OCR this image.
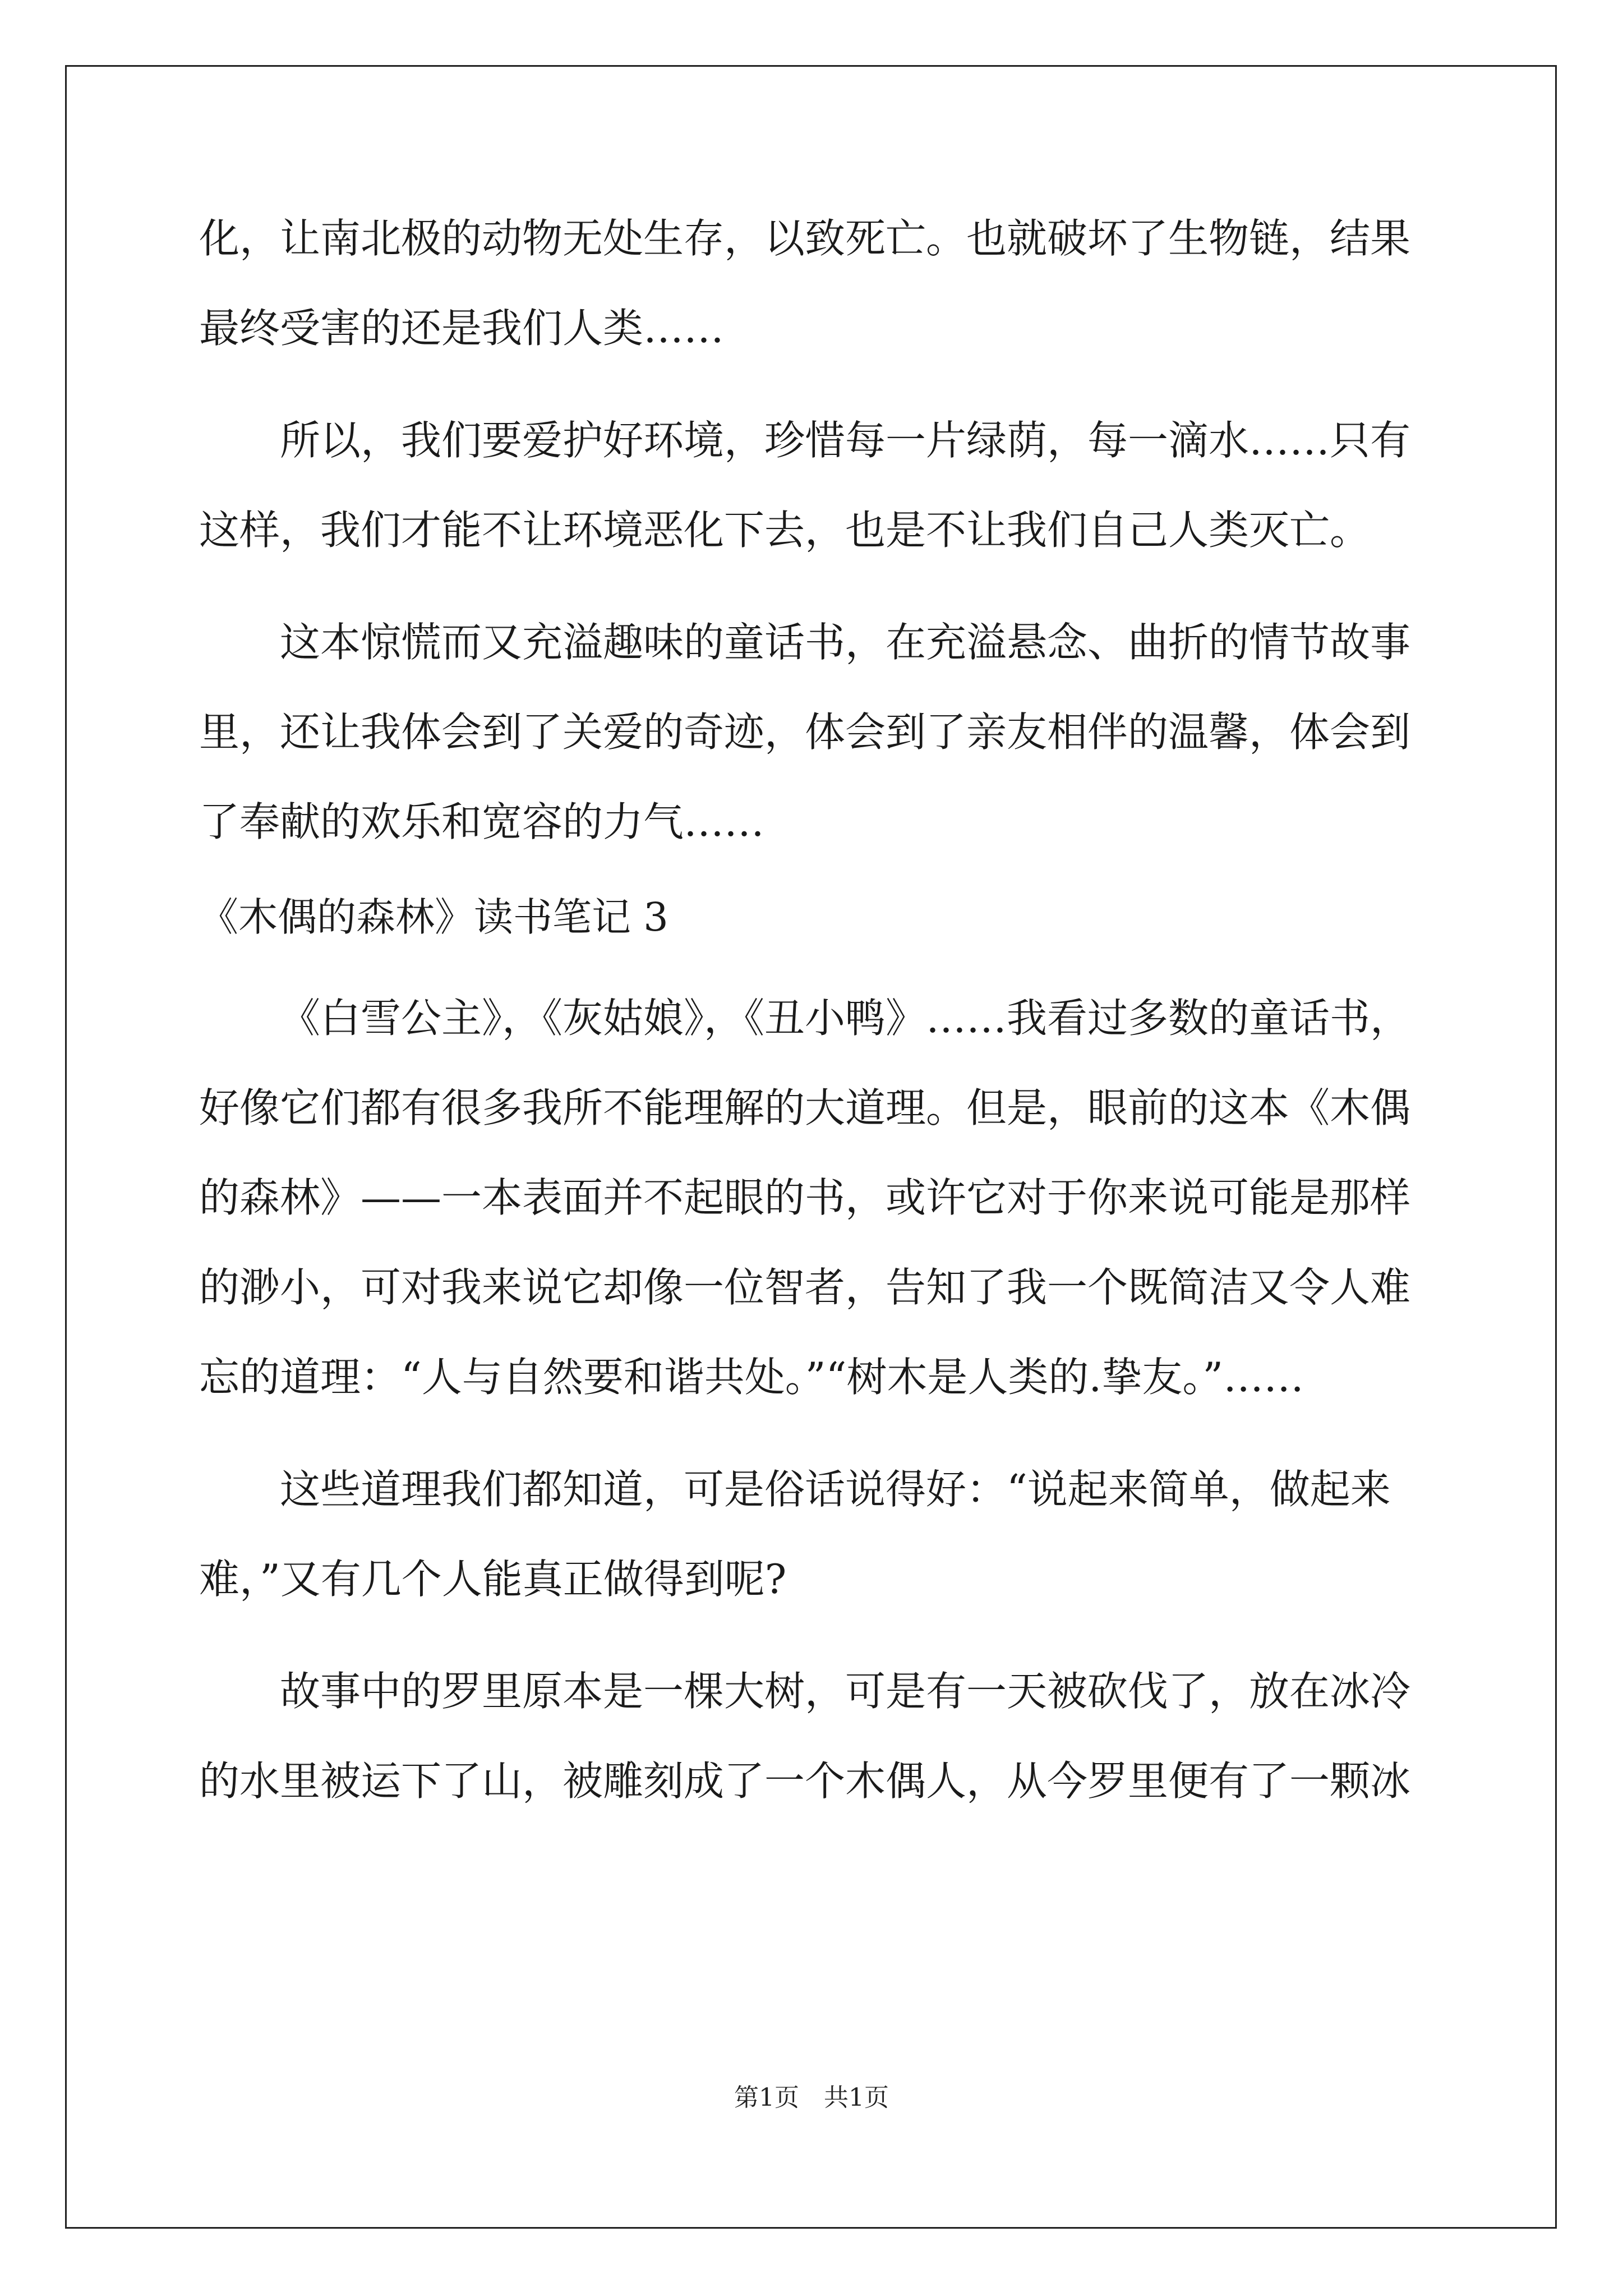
化，让南北极的动物无处生存，以致死亡。也就破坏了生物链，结果
最终受害的还是我们人类……
所以，我们要爱护好环境，珍惜每一片绿荫，每一滴水……只有
这样，我们才能不让环境恶化下去，也是不让我们自己人类灭亡。
这本惊慌而又充溢趣味的童话书，在充溢悬念、曲折的情节故事
里，还让我体会到了关爱的奇迹，体会到了亲友相伴的温馨，体会到
了奉献的欢乐和宽容的力气……
《木偶的森林》读书笔记 3
《白雪公主》，《灰姑娘》，《丑小鸭》……我看过多数的童话书，
好像它们都有很多我所不能理解的大道理。但是，眼前的这本《木偶
的森林》——一本表面并不起眼的书，或许它对于你来说可能是那样
的渺小，可对我来说它却像一位智者，告知了我一个既简洁又令人难
忘的道理：“人与自然要和谐共处。”“树木是人类的.挚友。”……
这些道理我们都知道，可是俗话说得好：“说起来简单，做起来
难，”又有几个人能真正做得到呢?
故事中的罗里原本是一棵大树，可是有一天被砍伐了，放在冰冷
的水里被运下了山，被雕刻成了一个木偶人，从今罗里便有了一颗冰
第1页　共1页
